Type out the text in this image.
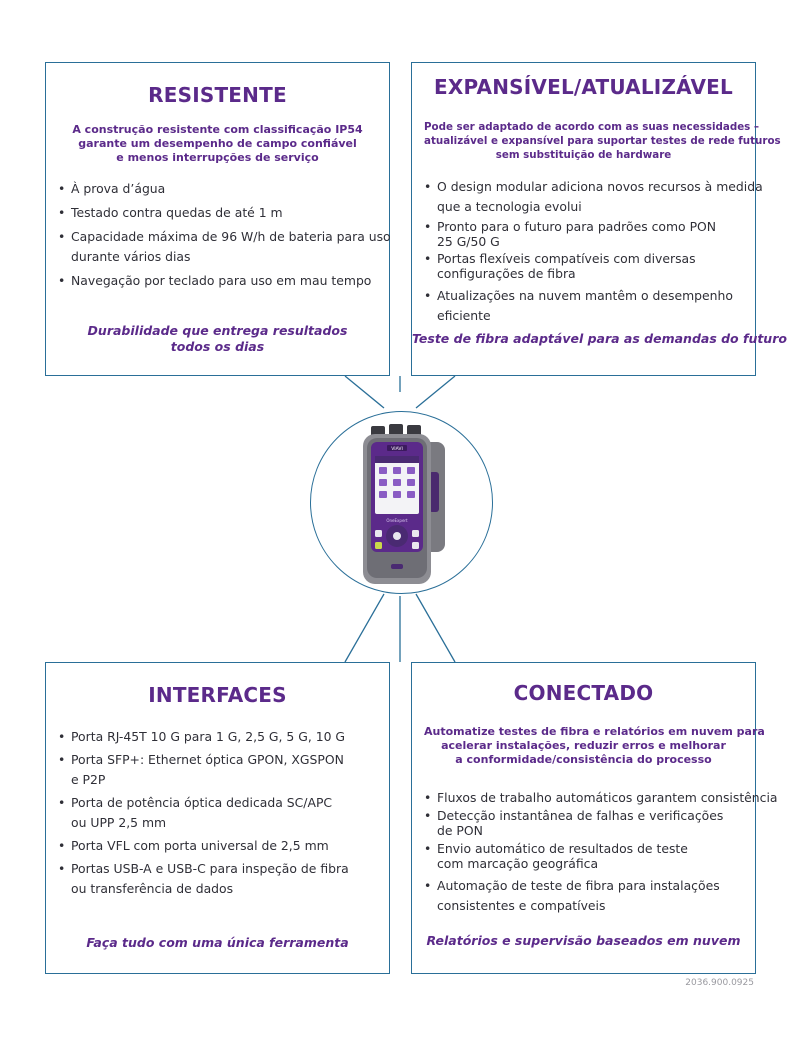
RESISTENTE
A construção resistente com classificação IP54
garante um desempenho de campo confiável
e menos interrupções de serviço
• À prova d’água
• Testado contra quedas de até 1 m
• Capacidade máxima de 96 W/h de bateria para uso
durante vários dias
• Navegação por teclado para uso em mau tempo
Durabilidade que entrega resultados
todos os dias
EXPANSÍVEL/ATUALIZÁVEL
Pode ser adaptado de acordo com as suas necessidades –
atualizável e expansível para suportar testes de rede futuros
sem substituição de hardware
• O design modular adiciona novos recursos à medida
que a tecnologia evolui
• Pronto para o futuro para padrões como PON
25 G/50 G
• Portas flexíveis compatíveis com diversas
configurações de fibra
• Atualizações na nuvem mantêm o desempenho
eficiente
Teste de fibra adaptável para as demandas do futuro
INTERFACES
• Porta RJ-45T 10 G para 1 G, 2,5 G, 5 G, 10 G
• Porta SFP+: Ethernet óptica GPON, XGSPON
e P2P
• Porta de potência óptica dedicada SC/APC
ou UPP 2,5 mm
• Porta VFL com porta universal de 2,5 mm
• Portas USB-A e USB-C para inspeção de fibra
ou transferência de dados
Faça tudo com uma única ferramenta
CONECTADO
Automatize testes de fibra e relatórios em nuvem para
acelerar instalações, reduzir erros e melhorar
a conformidade/consistência do processo
• Fluxos de trabalho automáticos garantem consistência
• Detecção instantânea de falhas e verificações
de PON
• Envio automático de resultados de teste
com marcação geográfica
• Automação de teste de fibra para instalações
consistentes e compatíveis
Relatórios e supervisão baseados em nuvem
VIAVI
OneExpert
2036.900.0925
